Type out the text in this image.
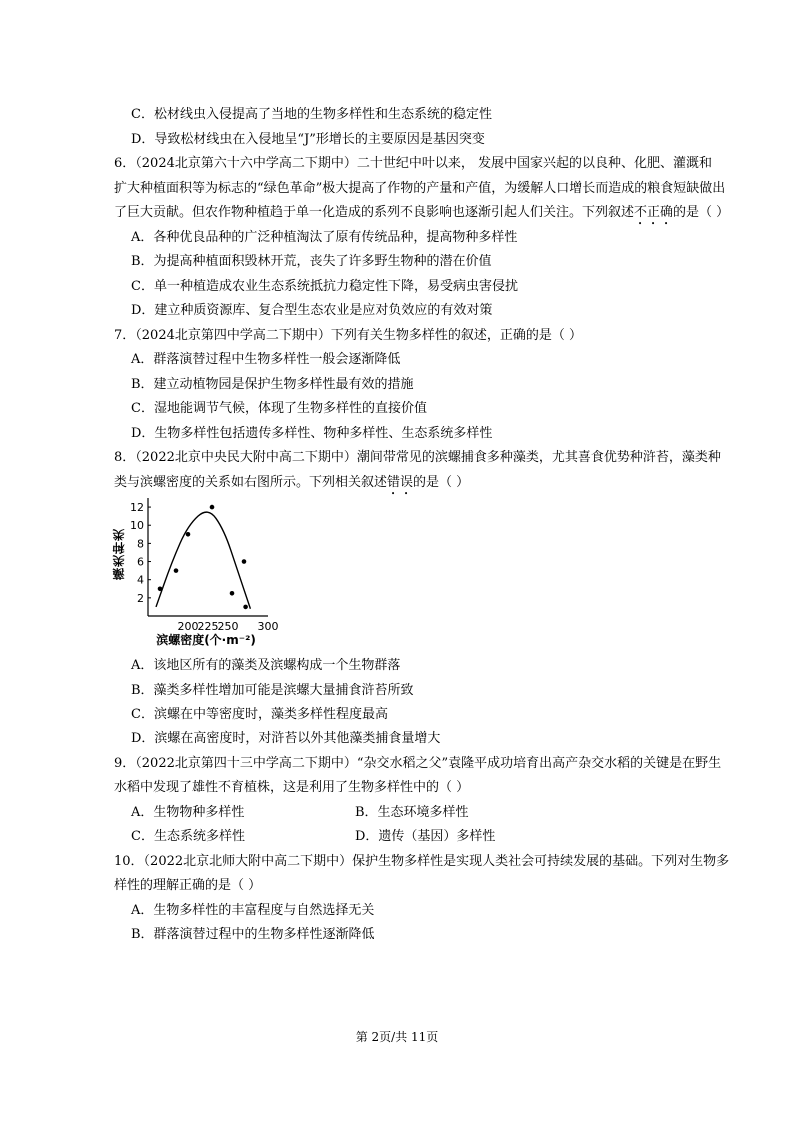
C．松材线虫入侵提高了当地的生物多样性和生态系统的稳定性
D．导致松材线虫在入侵地呈“J”形增长的主要原因是基因突变
6．（2024北京第六十六中学高二下期中）二十世纪中叶以来， 发展中国家兴起的以良种、化肥、灌溉和
扩大种植面积等为标志的“绿色革命”极大提高了作物的产量和产值，为缓解人口增长而造成的粮食短缺做出
了巨大贡献。但农作物种植趋于单一化造成的系列不良影响也逐渐引起人们关注。下列叙述不正确的是（ ）
A．各种优良品种的广泛种植淘汰了原有传统品种，提高物种多样性
B．为提高种植面积毁林开荒，丧失了许多野生物种的潜在价值
C．单一种植造成农业生态系统抵抗力稳定性下降，易受病虫害侵扰
D．建立种质资源库、复合型生态农业是应对负效应的有效对策
7．（2024北京第四中学高二下期中）下列有关生物多样性的叙述，正确的是（ ）
A．群落演替过程中生物多样性一般会逐渐降低
B．建立动植物园是保护生物多样性最有效的措施
C．湿地能调节气候，体现了生物多样性的直接价值
D．生物多样性包括遗传多样性、物种多样性、生态系统多样性
8．（2022北京中央民大附中高二下期中）潮间带常见的滨螺捕食多种藻类，尤其喜食优势种浒苔，藻类种
类与滨螺密度的关系如右图所示。下列相关叙述错误的是（ ）
2
4
6
8
10
12
200 225 250 300
藻类种类
滨螺密度(个·m⁻²)
A．该地区所有的藻类及滨螺构成一个生物群落
B．藻类多样性增加可能是滨螺大量捕食浒苔所致
C．滨螺在中等密度时，藻类多样性程度最高
D．滨螺在高密度时，对浒苔以外其他藻类捕食量增大
9．（2022北京第四十三中学高二下期中）“杂交水稻之父”袁隆平成功培育出高产杂交水稻的关键是在野生
水稻中发现了雄性不育植株，这是利用了生物多样性中的（ ）
A．生物物种多样性	B．生态环境多样性
C．生态系统多样性	D．遗传（基因）多样性
10．（2022北京北师大附中高二下期中）保护生物多样性是实现人类社会可持续发展的基础。下列对生物多
样性的理解正确的是（ ）
A．生物多样性的丰富程度与自然选择无关
B．群落演替过程中的生物多样性逐渐降低
第 2页/共 11页
